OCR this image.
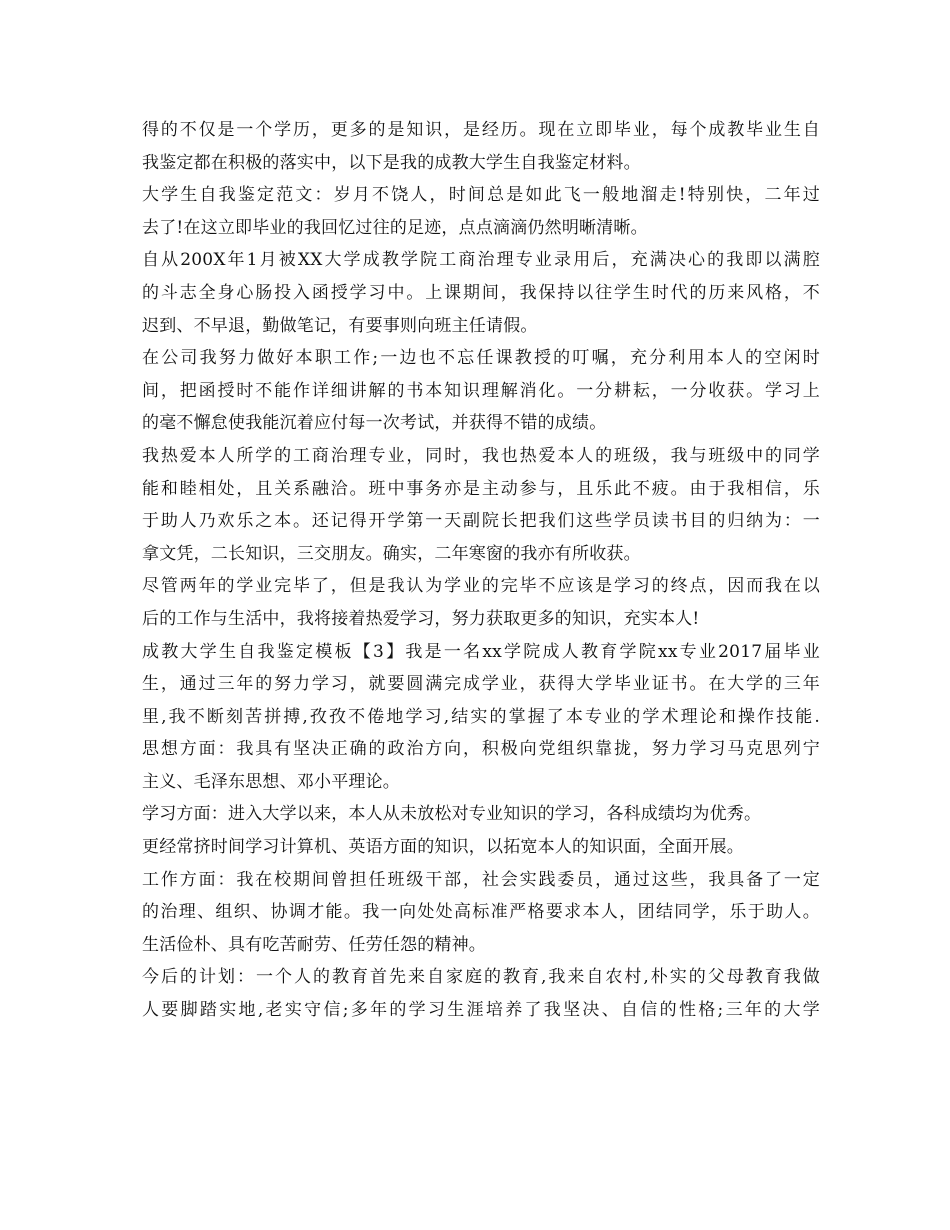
得的不仅是一个学历，更多的是知识，是经历。现在立即毕业，每个成教毕业生自
我鉴定都在积极的落实中，以下是我的成教大学生自我鉴定材料。
大学生自我鉴定范文：岁月不饶人，时间总是如此飞一般地溜走!特别快，二年过
去了!在这立即毕业的我回忆过往的足迹，点点滴滴仍然明晰清晰。
自从200X年1月被XX大学成教学院工商治理专业录用后，充满决心的我即以满腔
的斗志全身心肠投入函授学习中。上课期间，我保持以往学生时代的历来风格，不
迟到、不早退，勤做笔记，有要事则向班主任请假。
在公司我努力做好本职工作;一边也不忘任课教授的叮嘱，充分利用本人的空闲时
间，把函授时不能作详细讲解的书本知识理解消化。一分耕耘，一分收获。学习上
的毫不懈怠使我能沉着应付每一次考试，并获得不错的成绩。
我热爱本人所学的工商治理专业，同时，我也热爱本人的班级，我与班级中的同学
能和睦相处，且关系融洽。班中事务亦是主动参与，且乐此不疲。由于我相信，乐
于助人乃欢乐之本。还记得开学第一天副院长把我们这些学员读书目的归纳为：一
拿文凭，二长知识，三交朋友。确实，二年寒窗的我亦有所收获。
尽管两年的学业完毕了，但是我认为学业的完毕不应该是学习的终点，因而我在以
后的工作与生活中，我将接着热爱学习，努力获取更多的知识，充实本人!
成教大学生自我鉴定模板【3】我是一名xx学院成人教育学院xx专业2017届毕业
生，通过三年的努力学习，就要圆满完成学业，获得大学毕业证书。在大学的三年
里,我不断刻苦拼搏,孜孜不倦地学习,结实的掌握了本专业的学术理论和操作技能.
思想方面：我具有坚决正确的政治方向，积极向党组织靠拢，努力学习马克思列宁
主义、毛泽东思想、邓小平理论。
学习方面：进入大学以来，本人从未放松对专业知识的学习，各科成绩均为优秀。
更经常挤时间学习计算机、英语方面的知识，以拓宽本人的知识面，全面开展。
工作方面：我在校期间曾担任班级干部，社会实践委员，通过这些，我具备了一定
的治理、组织、协调才能。我一向处处高标准严格要求本人，团结同学，乐于助人。
生活俭朴、具有吃苦耐劳、任劳任怨的精神。
今后的计划：一个人的教育首先来自家庭的教育,我来自农村,朴实的父母教育我做
人要脚踏实地,老实守信;多年的学习生涯培养了我坚决、自信的性格;三年的大学
